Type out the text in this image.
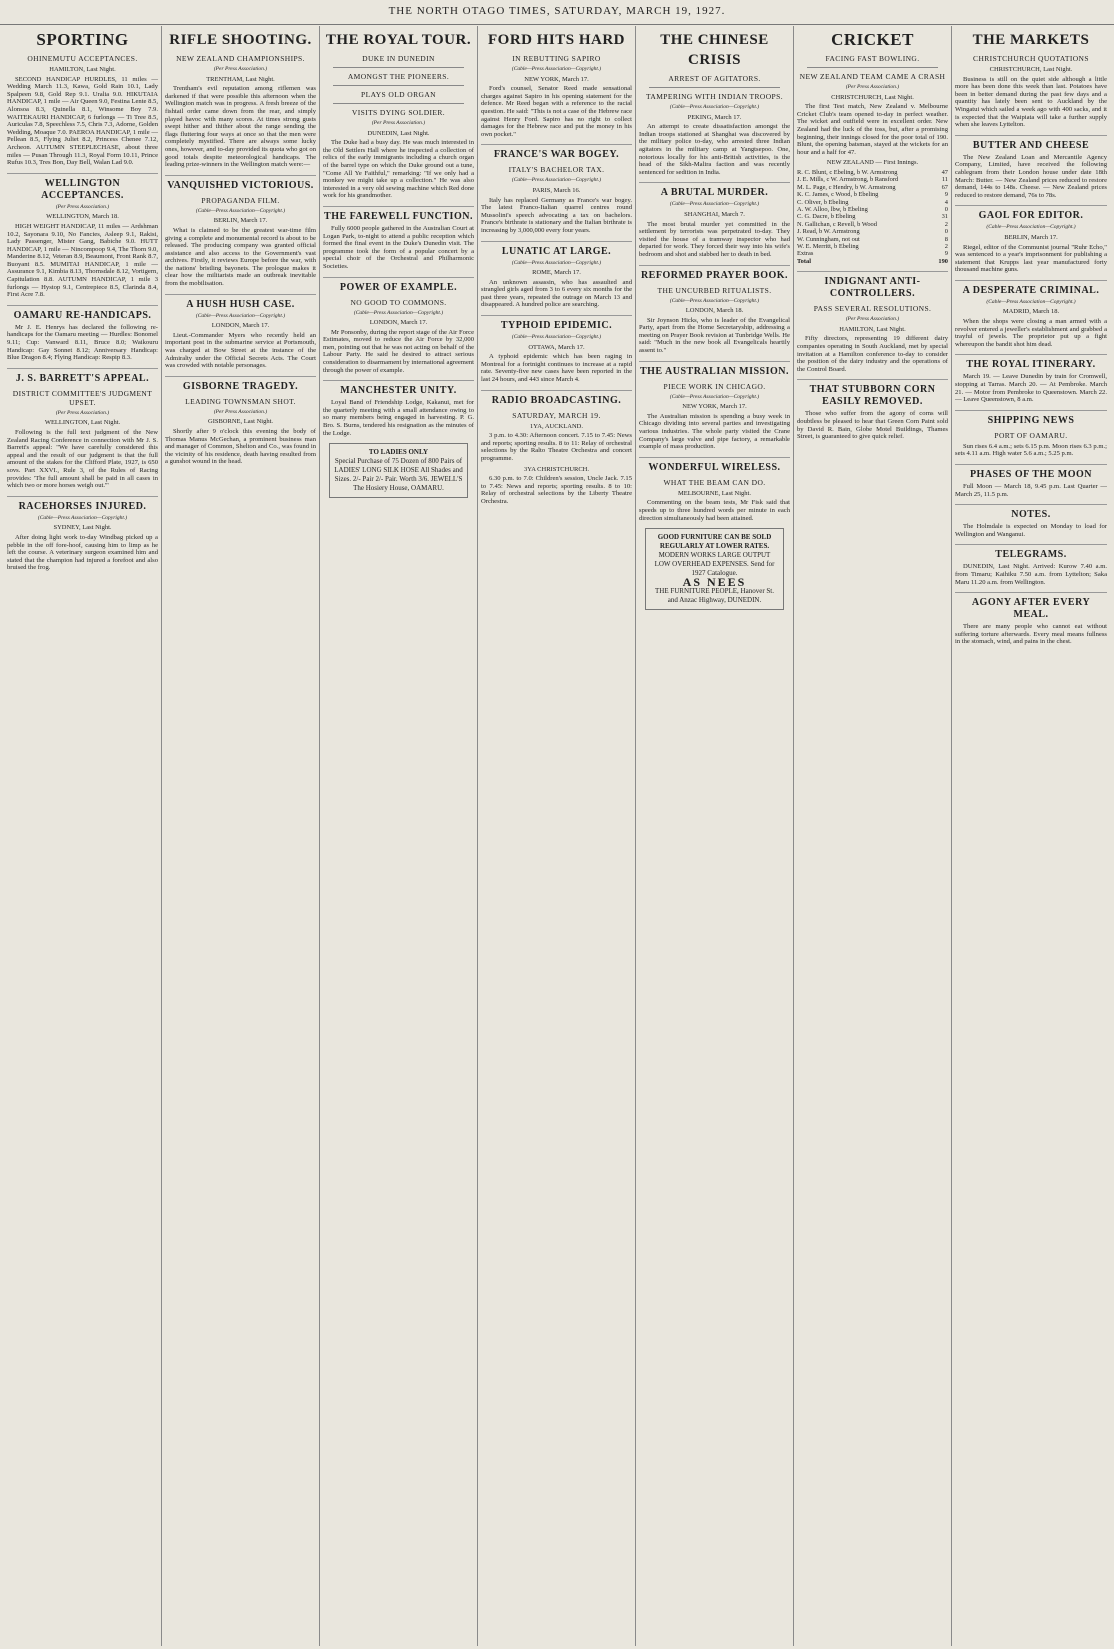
THE NORTH OTAGO TIMES, SATURDAY, MARCH 19, 1927.
SPORTING
OHINEMUTU ACCEPTANCES.
HAMILTON, Last Night.

SECOND HANDICAP HURDLES, 11 miles — Wedding March 11.3, Kawa, Gold Rain 10.1, Lady Spalpeen 9.8, Gold Rep 9.1. Uralia 9.0. HIKUTAIA HANDICAP, 1 mile — Air Queen 9.0, Festina Lente 8.5, Alonsoa 8.3, Quinella 8.1, Winsome Boy 7.9. WAITEKAURI HANDICAP, 6 furlongs — Ti Tree 8.5, Auriculas 7.8, Speechless 7.5, Chris 7.3, Adorne, Golden Wedding, Moaque 7.0. PAEROA HANDICAP, 1 mile — Pellean 8.5, Flying Juliet 8.2, Princess Chenee 7.12, Archeon. AUTUMN STEEPLECHASE, about three miles — Pusan Through 11.3, Royal Form 10.11, Prince Rufus 10.3, Tres Bon, Day Bell, Walan Lad 9.0.

WELLINGTON ACCEPTANCES.
(Per Press Association.)
WELLINGTON, March 18.

HIGH WEIGHT HANDICAP, 11 miles — Ardshman 10.2, Sayonara 9.10, No Fancies, Asleep 9.1, Rakisi, Lady Passenger, Mister Gang, Babiche 9.0. HUTT HANDICAP, 1 mile — Nincompoop 9.4, The Thorn 9.0, Manderine 8.12, Veteran 8.9, Beaumont, Front Rank 8.7, Buoyant 8.5. MUMITAI HANDICAP, 1 mile — Assurance 9.1, Kimbia 8.13, Thornsdale 8.12, Vortigern, Capitulation 8.8. AUTUMN HANDICAP, 1 mile 3 furlongs — Hystop 9.1, Centrepiece 8.5, Clarinda 8.4, First Acre 7.8.

OAMARU RE-HANDICAPS.

Mr J. E. Henrys has declared the following re-handicaps for the Oamaru meeting — Hurdles: Bonomel 9.11; Cup: Vanward 8.11, Bruce 8.0; Waikouru Handicap: Gay Sonnet 8.12; Anniversary Handicap: Blue Dragon 8.4; Flying Handicap: Respip 8.3.

J. S. BARRETT'S APPEAL.
DISTRICT COMMITTEE'S JUDGMENT UPSET.
(Per Press Association.)
WELLINGTON, Last Night.

Following is the full text judgment of the New Zealand Racing Conference in connection with Mr J. S. Barrett's appeal: "We have carefully considered this appeal and the result of our judgment is that the full amount of the stakes for the Clifford Plate, 1927, is 650 sovs. Part XXVI., Rule 3, of the Rules of Racing provides: 'The full amount shall be paid in all cases in which two or more horses weigh out.'"

RACEHORSES INJURED.
(Cable—Press Association—Copyright.)
SYDNEY, Last Night.

After doing light work to-day Windbag picked up a pebble in the off fore-hoof, causing him to limp as he left the course. A veterinary surgeon examined him and stated that the champion had injured a forefoot and also bruised the frog.

RIFLE SHOOTING.
NEW ZEALAND CHAMPIONSHIPS.
(Per Press Association.)
TRENTHAM, Last Night.

Trentham's evil reputation among riflemen was darkened if that were possible this afternoon when the Wellington match was in progress. A fresh breeze of the fishtail order came down from the rear, and simply played havoc with many scores. At times strong gusts swept hither and thither about the range sending the flags fluttering four ways at once so that the men were completely mystified. There are always some lucky ones, however, and to-day provided its quota who got on good totals despite meteorological handicaps. The leading prize-winners in the Wellington match were:—

VANQUISHED VICTORIOUS.
PROPAGANDA FILM.
(Cable—Press Association—Copyright.)
BERLIN, March 17.

What is claimed to be the greatest war-time film giving a complete and monumental record is about to be released. The producing company was granted official assistance and also access to the Government's vast archives. Firstly, it reviews Europe before the war, with the nations' bristling bayonets. The prologue makes it clear how the militarists made an outbreak inevitable from the mobilisation.

A HUSH HUSH CASE.
(Cable—Press Association—Copyright.)
LONDON, March 17.

Lieut.-Commander Myers who recently held an important post in the submarine service at Portsmouth, was charged at Bow Street at the instance of the Admiralty under the Official Secrets Acts. The Court was crowded with notable personages.

GISBORNE TRAGEDY.
LEADING TOWNSMAN SHOT.
(Per Press Association.)
GISBORNE, Last Night.

Shortly after 9 o'clock this evening the body of Thomas Manus McGechan, a prominent business man and manager of Common, Shelton and Co., was found in the vicinity of his residence, death having resulted from a gunshot wound in the head.

THE ROYAL TOUR.
DUKE IN DUNEDIN
AMONGST THE PIONEERS.
PLAYS OLD ORGAN
VISITS DYING SOLDIER.
(Per Press Association.)
DUNEDIN, Last Night.

The Duke had a busy day. He was much interested in the Old Settlers Hall where he inspected a collection of relics of the early immigrants including a church organ of the barrel type on which the Duke ground out a tune, "Come All Ye Faithful," remarking: "If we only had a monkey we might take up a collection." He was also interested in a very old sewing machine which Red done work for his grandmother.

THE FAREWELL FUNCTION.

Fully 6000 people gathered in the Australian Court at Logan Park, to-night to attend a public reception which formed the final event in the Duke's Dunedin visit. The programme took the form of a popular concert by a special choir of the Orchestral and Philharmonic Societies.

POWER OF EXAMPLE.
NO GOOD TO COMMONS.
(Cable—Press Association—Copyright.)
LONDON, March 17.

Mr Ponsonby, during the report stage of the Air Force Estimates, moved to reduce the Air Force by 32,000 men, pointing out that he was not acting on behalf of the Labour Party. He said he desired to attract serious consideration to disarmament by international agreement through the power of example.

MANCHESTER UNITY.

Loyal Band of Friendship Lodge, Kakanui, met for the quarterly meeting with a small attendance owing to so many members being engaged in harvesting. P. G. Bro. S. Burns, tendered his resignation as the minutes of the Lodge.

TO LADIES ONLY
Special Purchase of 75 Dozen of 800 Pairs of LADIES' LONG SILK HOSE All Shades and Sizes. 2/- Pair 2/- Pair. Worth 3/6. JEWELL'S The Hosiery House, OAMARU.
FORD HITS HARD
IN REBUTTING SAPIRO
(Cable—Press Association—Copyright.)
NEW YORK, March 17.

Ford's counsel, Senator Reed made sensational charges against Sapiro in his opening statement for the defence. Mr Reed began with a reference to the racial question. He said: "This is not a case of the Hebrew race against Henry Ford. Sapiro has no right to collect damages for the Hebrew race and put the money in his own pocket."

FRANCE'S WAR BOGEY.
ITALY'S BACHELOR TAX.
(Cable—Press Association—Copyright.)
PARIS, March 16.

Italy has replaced Germany as France's war bogey. The latest Franco-Italian quarrel centres round Mussolini's speech advocating a tax on bachelors. France's birthrate is stationary and the Italian birthrate is increasing by 3,000,000 every four years.

LUNATIC AT LARGE.
(Cable—Press Association—Copyright.)
ROME, March 17.

An unknown assassin, who has assaulted and strangled girls aged from 3 to 6 every six months for the past three years, repeated the outrage on March 13 and disappeared. A hundred police are searching.

TYPHOID EPIDEMIC.
(Cable—Press Association—Copyright.)
OTTAWA, March 17.

A typhoid epidemic which has been raging in Montreal for a fortnight continues to increase at a rapid rate. Seventy-five new cases have been reported in the last 24 hours, and 443 since March 4.

RADIO BROADCASTING.
SATURDAY, MARCH 19.
1YA, AUCKLAND.

3 p.m. to 4.30: Afternoon concert. 7.15 to 7.45: News and reports; sporting results. 8 to 11: Relay of orchestral selections by the Ralto Theatre Orchestra and concert programme.

3YA CHRISTCHURCH.

6.30 p.m. to 7.0: Children's session, Uncle Jack. 7.15 to 7.45: News and reports; sporting results. 8 to 10: Relay of orchestral selections by the Liberty Theatre Orchestra.

THE CHINESE CRISIS
ARREST OF AGITATORS.
TAMPERING WITH INDIAN TROOPS.
(Cable—Press Association—Copyright.)
PEKING, March 17.

An attempt to create dissatisfaction amongst the Indian troops stationed at Shanghai was discovered by the military police to-day, who arrested three Indian agitators in the military camp at Yangtsepoo. One, notorious locally for his anti-British activities, is the head of the Sikh-Malira faction and was recently sentenced for sedition in India.

A BRUTAL MURDER.
(Cable—Press Association—Copyright.)
SHANGHAI, March 7.

The most brutal murder yet committed in the settlement by terrorists was perpetrated to-day. They visited the house of a tramway inspector who had departed for work. They forced their way into his wife's bedroom and shot and stabbed her to death in bed.

REFORMED PRAYER BOOK.
THE UNCURBED RITUALISTS.
(Cable—Press Association—Copyright.)
LONDON, March 18.

Sir Joynson Hicks, who is leader of the Evangelical Party, apart from the Home Secretaryship, addressing a meeting on Prayer Book revision at Tunbridge Wells. He said: "Much in the new book all Evangelicals heartily assent to."

THE AUSTRALIAN MISSION.
PIECE WORK IN CHICAGO.
(Cable—Press Association—Copyright.)
NEW YORK, March 17.

The Australian mission is spending a busy week in Chicago dividing into several parties and investigating various industries. The whole party visited the Crane Company's large valve and pipe factory, a remarkable example of mass production.

WONDERFUL WIRELESS.
WHAT THE BEAM CAN DO.
MELBOURNE, Last Night.

Commenting on the beam tests, Mr Fisk said that speeds up to three hundred words per minute in each direction simultaneously had been attained.

GOOD FURNITURE CAN BE SOLD REGULARLY AT LOWER RATES.
MODERN WORKS LARGE OUTPUT LOW OVERHEAD EXPENSES. Send for 1927 Catalogue.
AS NEES
THE FURNITURE PEOPLE, Hanover St. and Anzac Highway, DUNEDIN.
CRICKET
FACING FAST BOWLING.
NEW ZEALAND TEAM CAME A CRASH
(Per Press Association.)
CHRISTCHURCH, Last Night.

The first Test match, New Zealand v. Melbourne Cricket Club's team opened to-day in perfect weather. The wicket and outfield were in excellent order. New Zealand had the luck of the toss, but, after a promising beginning, their innings closed for the poor total of 190. Blunt, the opening batsman, stayed at the wickets for an hour and a half for 47.

NEW ZEALAND — First Innings.
R. C. Blunt, c Ebeling, b W. Armstrong	47
J. E. Mills, c W. Armstrong, b Ransford	11
M. L. Page, c Hendry, b W. Armstrong	67
K. C. James, c Wood, b Ebeling	9
C. Oliver, b Ebeling	4
A. W. Alloo, lbw, b Ebeling	0
C. G. Dacre, b Ebeling	31
N. Gallichan, c Revell, b Wood	2
J. Read, b W. Armstrong	0
W. Cunningham, not out	8
W. E. Merritt, b Ebeling	2
Extras	9
Total	190
INDIGNANT ANTI-CONTROLLERS.
PASS SEVERAL RESOLUTIONS.
(Per Press Association.)
HAMILTON, Last Night.

Fifty directors, representing 19 different dairy companies operating in South Auckland, met by special invitation at a Hamilton conference to-day to consider the position of the dairy industry and the operations of the Control Board.

THAT STUBBORN CORN EASILY REMOVED.

Those who suffer from the agony of corns will doubtless be pleased to hear that Green Corn Paint sold by David R. Bain, Globe Motel Buildings, Thames Street, is guaranteed to give quick relief.

THE MARKETS
CHRISTCHURCH QUOTATIONS
CHRISTCHURCH, Last Night.

Business is still on the quiet side although a little more has been done this week than last. Potatoes have been in better demand during the past few days and a quantity has lately been sent to Auckland by the Wingatui which sailed a week ago with 400 sacks, and it is expected that the Waipiata will take a further supply when she leaves Lyttelton.

BUTTER AND CHEESE

The New Zealand Loan and Mercantile Agency Company, Limited, have received the following cablegram from their London house under date 18th March: Butter. — New Zealand prices reduced to restore demand, 144s to 148s. Cheese. — New Zealand prices reduced to restore demand, 76s to 78s.

GAOL FOR EDITOR.
(Cable—Press Association—Copyright.)
BERLIN, March 17.

Riegel, editor of the Communist journal "Ruhr Echo," was sentenced to a year's imprisonment for publishing a statement that Krupps last year manufactured forty thousand machine guns.

A DESPERATE CRIMINAL.
(Cable—Press Association—Copyright.)
MADRID, March 18.

When the shops were closing a man armed with a revolver entered a jeweller's establishment and grabbed a trayful of jewels. The proprietor put up a fight whereupon the bandit shot him dead.

THE ROYAL ITINERARY.

March 19. — Leave Dunedin by train for Cromwell, stopping at Tarras. March 20. — At Pembroke. March 21. — Motor from Pembroke to Queenstown. March 22. — Leave Queenstown, 8 a.m.

SHIPPING NEWS
PORT OF OAMARU.

Sun rises 6.4 a.m.; sets 6.15 p.m. Moon rises 6.3 p.m.; sets 4.11 a.m. High water 5.6 a.m.; 5.25 p.m.

PHASES OF THE MOON

Full Moon — March 18, 9.45 p.m. Last Quarter — March 25, 11.5 p.m.

NOTES.

The Holmdale is expected on Monday to load for Wellington and Wanganui.

TELEGRAMS.

DUNEDIN, Last Night. Arrived: Kurow 7.40 a.m. from Timaru; Kaihiku 7.50 a.m. from Lyttelton; Saka Maru 11.20 a.m. from Wellington.

AGONY AFTER EVERY MEAL.

There are many people who cannot eat without suffering torture afterwards. Every meal means fullness in the stomach, wind, and pains in the chest.
